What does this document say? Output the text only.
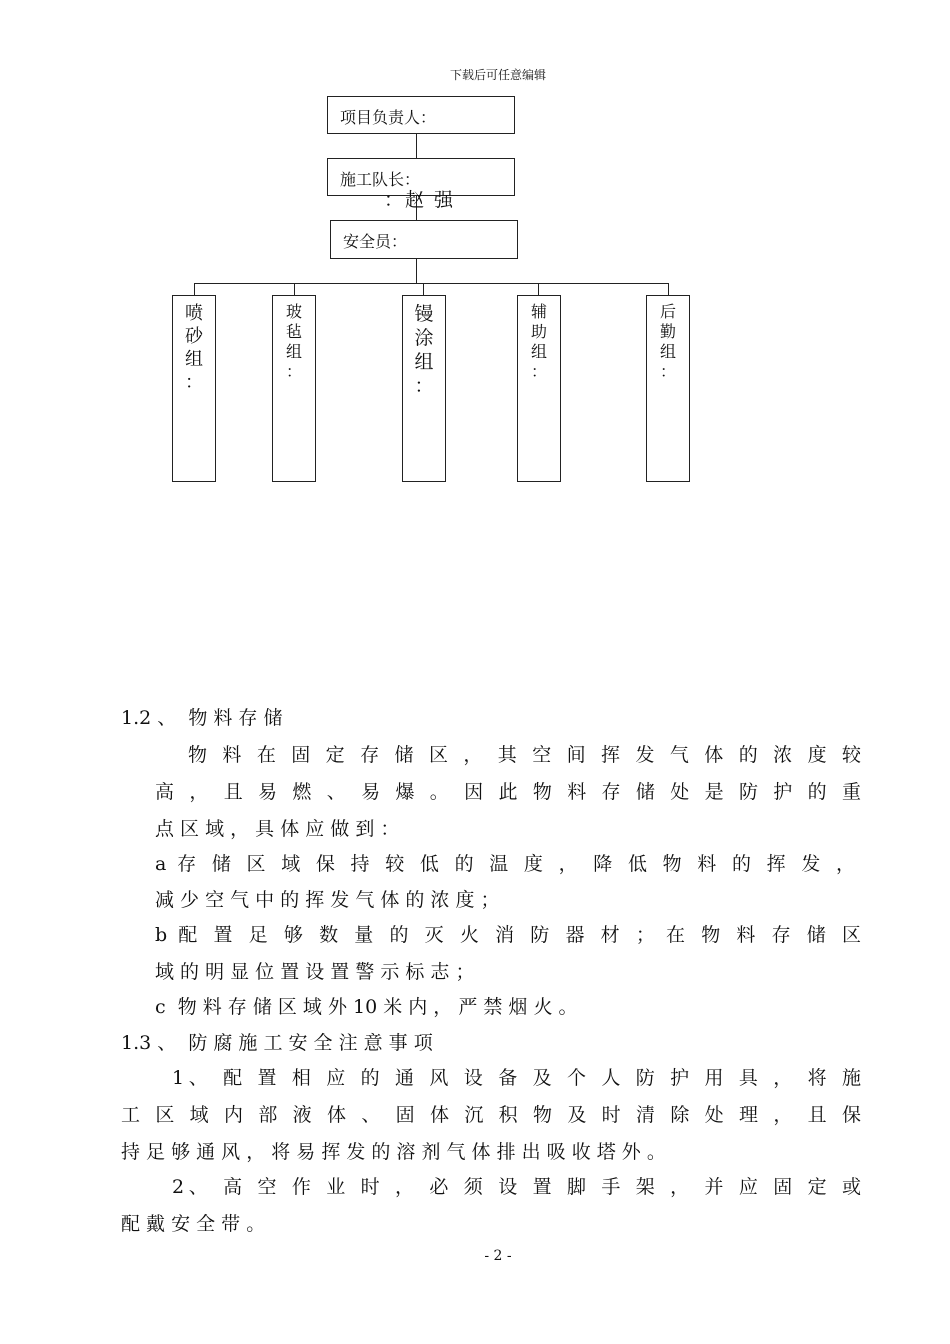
下载后可任意编辑
项目负责人：
施工队长：
安全员：
：赵 强
喷
砂
组
：
玻
毡
组
：
镘
涂
组
：
辅
助
组
：
后
勤
组
：
1.2 、  物 料 存 储
物 料 在 固 定 存 储 区 ， 其 空 间 挥 发 气 体 的 浓 度 较
高 ， 且 易 燃 、 易 爆 。 因 此 物 料 存 储 处 是 防 护 的 重
点 区 域 ， 具 体 应 做 到 ：
a 存 储 区 域 保 持 较 低 的 温 度 ， 降 低 物 料 的 挥 发 ，
减 少 空 气 中 的 挥 发 气 体 的 浓 度 ；
b 配 置 足 够 数 量 的 灭 火 消 防 器 材 ； 在 物 料 存 储 区
域 的 明 显 位 置 设 置 警 示 标 志 ；
c  物 料 存 储 区 域 外 10 米 内 ， 严 禁 烟 火 。
1.3 、  防 腐 施 工 安 全 注 意 事 项
1、 配 置 相 应 的 通 风 设 备 及 个 人 防 护 用 具 ， 将 施
工 区 域 内 部 液 体 、 固 体 沉 积 物 及 时 清 除 处 理 ， 且 保
持 足 够 通 风 ， 将 易 挥 发 的 溶 剂 气 体 排 出 吸 收 塔 外 。
2、 高 空 作 业 时 ， 必 须 设 置 脚 手 架 ， 并 应 固 定 或
配 戴 安 全 带 。
- 2 -
